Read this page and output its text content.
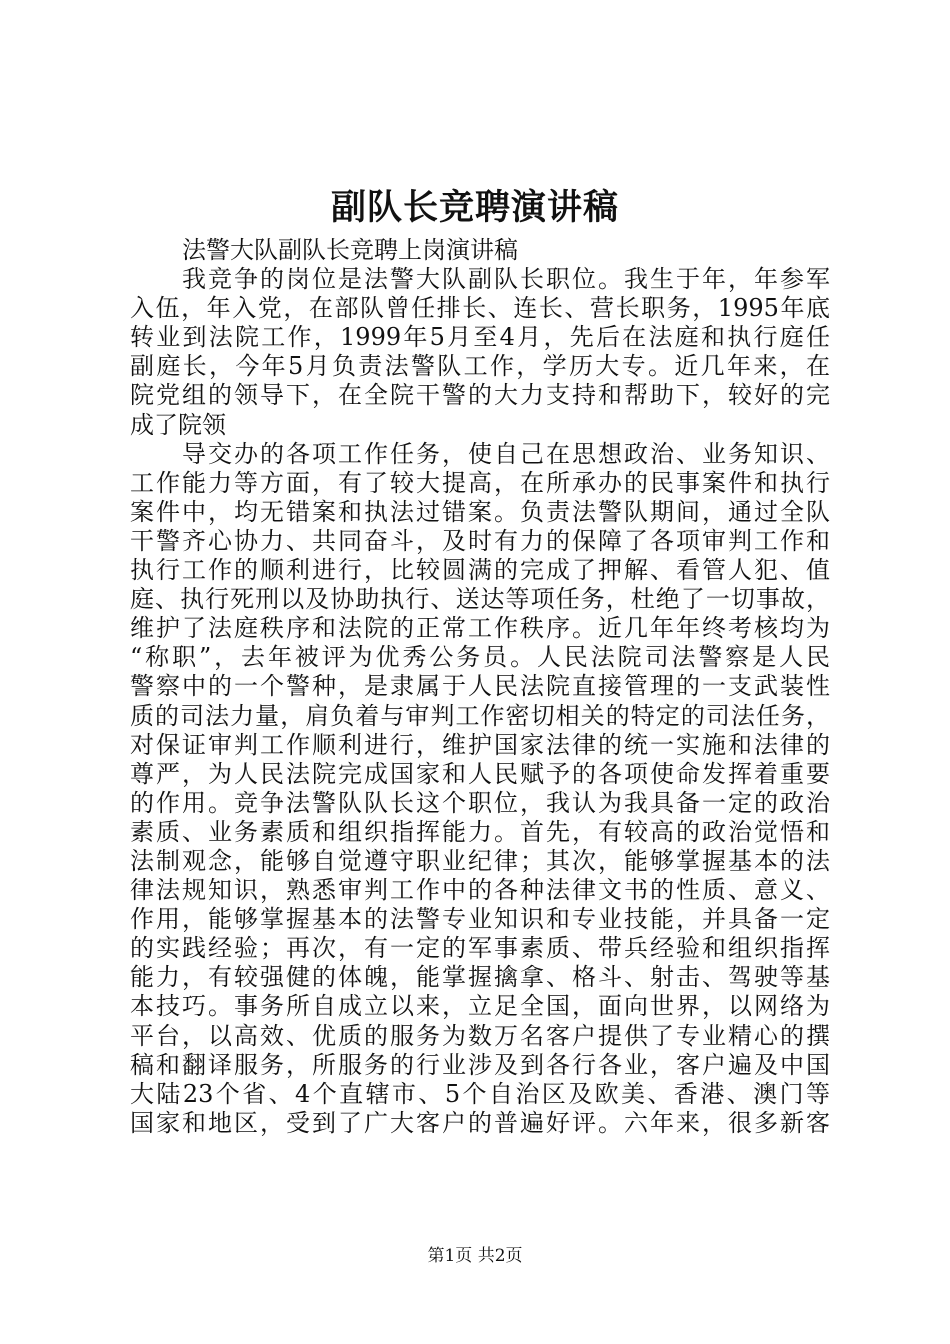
副队长竞聘演讲稿
法警大队副队长竞聘上岗演讲稿
我竞争的岗位是法警大队副队长职位。我生于年，年参军
入伍，年入党，在部队曾任排长、连长、营长职务，1995年底
转业到法院工作，1999年5月至4月，先后在法庭和执行庭任
副庭长，今年5月负责法警队工作，学历大专。近几年来，在
院党组的领导下，在全院干警的大力支持和帮助下，较好的完
成了院领
导交办的各项工作任务，使自己在思想政治、业务知识、
工作能力等方面，有了较大提高，在所承办的民事案件和执行
案件中，均无错案和执法过错案。负责法警队期间，通过全队
干警齐心协力、共同奋斗，及时有力的保障了各项审判工作和
执行工作的顺利进行，比较圆满的完成了押解、看管人犯、值
庭、执行死刑以及协助执行、送达等项任务，杜绝了一切事故，
维护了法庭秩序和法院的正常工作秩序。近几年年终考核均为
“称职”，去年被评为优秀公务员。人民法院司法警察是人民
警察中的一个警种，是隶属于人民法院直接管理的一支武装性
质的司法力量，肩负着与审判工作密切相关的特定的司法任务，
对保证审判工作顺利进行，维护国家法律的统一实施和法律的
尊严，为人民法院完成国家和人民赋予的各项使命发挥着重要
的作用。竞争法警队队长这个职位，我认为我具备一定的政治
素质、业务素质和组织指挥能力。首先，有较高的政治觉悟和
法制观念，能够自觉遵守职业纪律；其次，能够掌握基本的法
律法规知识，熟悉审判工作中的各种法律文书的性质、意义、
作用，能够掌握基本的法警专业知识和专业技能，并具备一定
的实践经验；再次，有一定的军事素质、带兵经验和组织指挥
能力，有较强健的体魄，能掌握擒拿、格斗、射击、驾驶等基
本技巧。事务所自成立以来，立足全国，面向世界，以网络为
平台，以高效、优质的服务为数万名客户提供了专业精心的撰
稿和翻译服务，所服务的行业涉及到各行各业，客户遍及中国
大陆23个省、4个直辖市、5个自治区及欧美、香港、澳门等
国家和地区，受到了广大客户的普遍好评。六年来，很多新客
第1页 共2页
